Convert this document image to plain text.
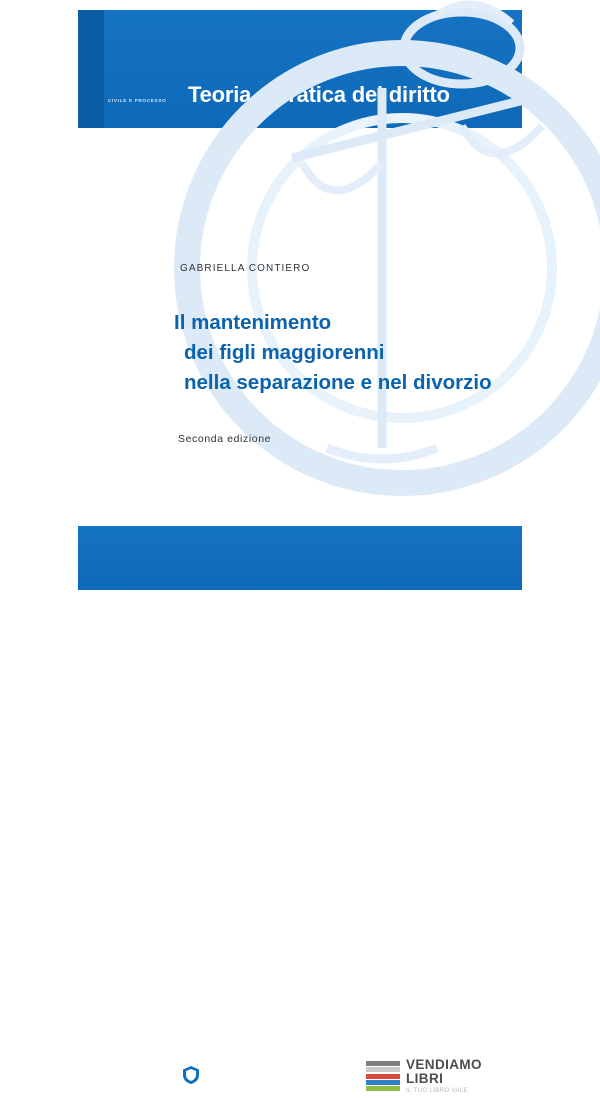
CIVILE E PROCESSO Teoria e pratica del diritto
GABRIELLA CONTIERO
Il mantenimento
dei figli maggiorenni
nella separazione e nel divorzio
Seconda edizione
Giuffrè Editore
VENDIAMO
LIBRI
IL TUO LIBRO VALE
